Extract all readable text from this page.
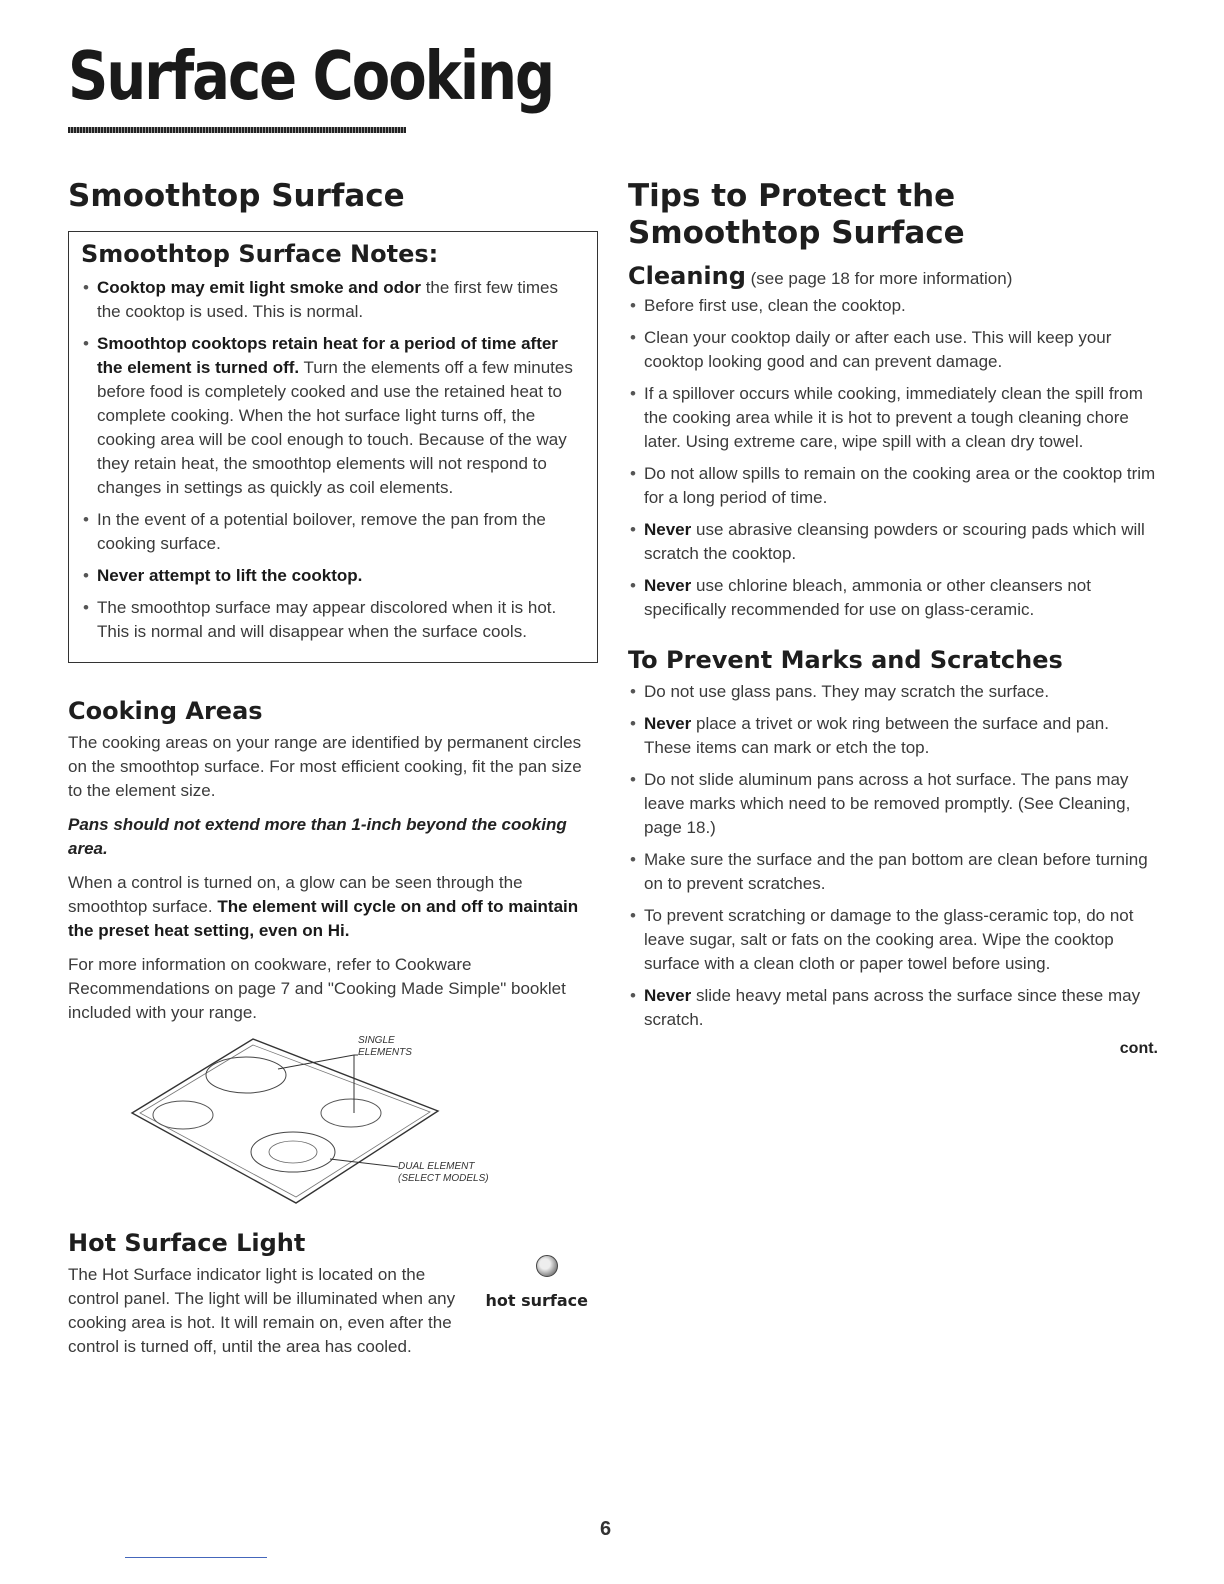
Surface Cooking
Smoothtop Surface
Smoothtop Surface Notes:
• Cooktop may emit light smoke and odor the first few times the cooktop is used. This is normal.
• Smoothtop cooktops retain heat for a period of time after the element is turned off. Turn the elements off a few minutes before food is completely cooked and use the retained heat to complete cooking. When the hot surface light turns off, the cooking area will be cool enough to touch. Because of the way they retain heat, the smoothtop elements will not respond to changes in settings as quickly as coil elements.
• In the event of a potential boilover, remove the pan from the cooking surface.
• Never attempt to lift the cooktop.
• The smoothtop surface may appear discolored when it is hot. This is normal and will disappear when the surface cools.
Cooking Areas

The cooking areas on your range are identified by permanent circles on the smoothtop surface. For most efficient cooking, fit the pan size to the element size.

Pans should not extend more than 1-inch beyond the cooking area.

When a control is turned on, a glow can be seen through the smoothtop surface. The element will cycle on and off to maintain the preset heat setting, even on Hi.

For more information on cookware, refer to Cookware Recommendations on page 7 and "Cooking Made Simple" booklet included with your range.

SINGLE
ELEMENTS
DUAL ELEMENT
(SELECT MODELS)
Hot Surface Light

The Hot Surface indicator light is located on the control panel. The light will be illuminated when any cooking area is hot. It will remain on, even after the control is turned off, until the area has cooled.

hot surface
Tips to Protect the
Smoothtop Surface
Cleaning (see page 18 for more information)
• Before first use, clean the cooktop.
• Clean your cooktop daily or after each use. This will keep your cooktop looking good and can prevent damage.
• If a spillover occurs while cooking, immediately clean the spill from the cooking area while it is hot to prevent a tough cleaning chore later. Using extreme care, wipe spill with a clean dry towel.
• Do not allow spills to remain on the cooking area or the cooktop trim for a long period of time.
• Never use abrasive cleansing powders or scouring pads which will scratch the cooktop.
• Never use chlorine bleach, ammonia or other cleansers not specifically recommended for use on glass-ceramic.
To Prevent Marks and Scratches
• Do not use glass pans. They may scratch the surface.
• Never place a trivet or wok ring between the surface and pan. These items can mark or etch the top.
• Do not slide aluminum pans across a hot surface. The pans may leave marks which need to be removed promptly. (See Cleaning, page 18.)
• Make sure the surface and the pan bottom are clean before turning on to prevent scratches.
• To prevent scratching or damage to the glass-ceramic top, do not leave sugar, salt or fats on the cooking area. Wipe the cooktop surface with a clean cloth or paper towel before using.
• Never slide heavy metal pans across the surface since these may scratch.
cont.
6
